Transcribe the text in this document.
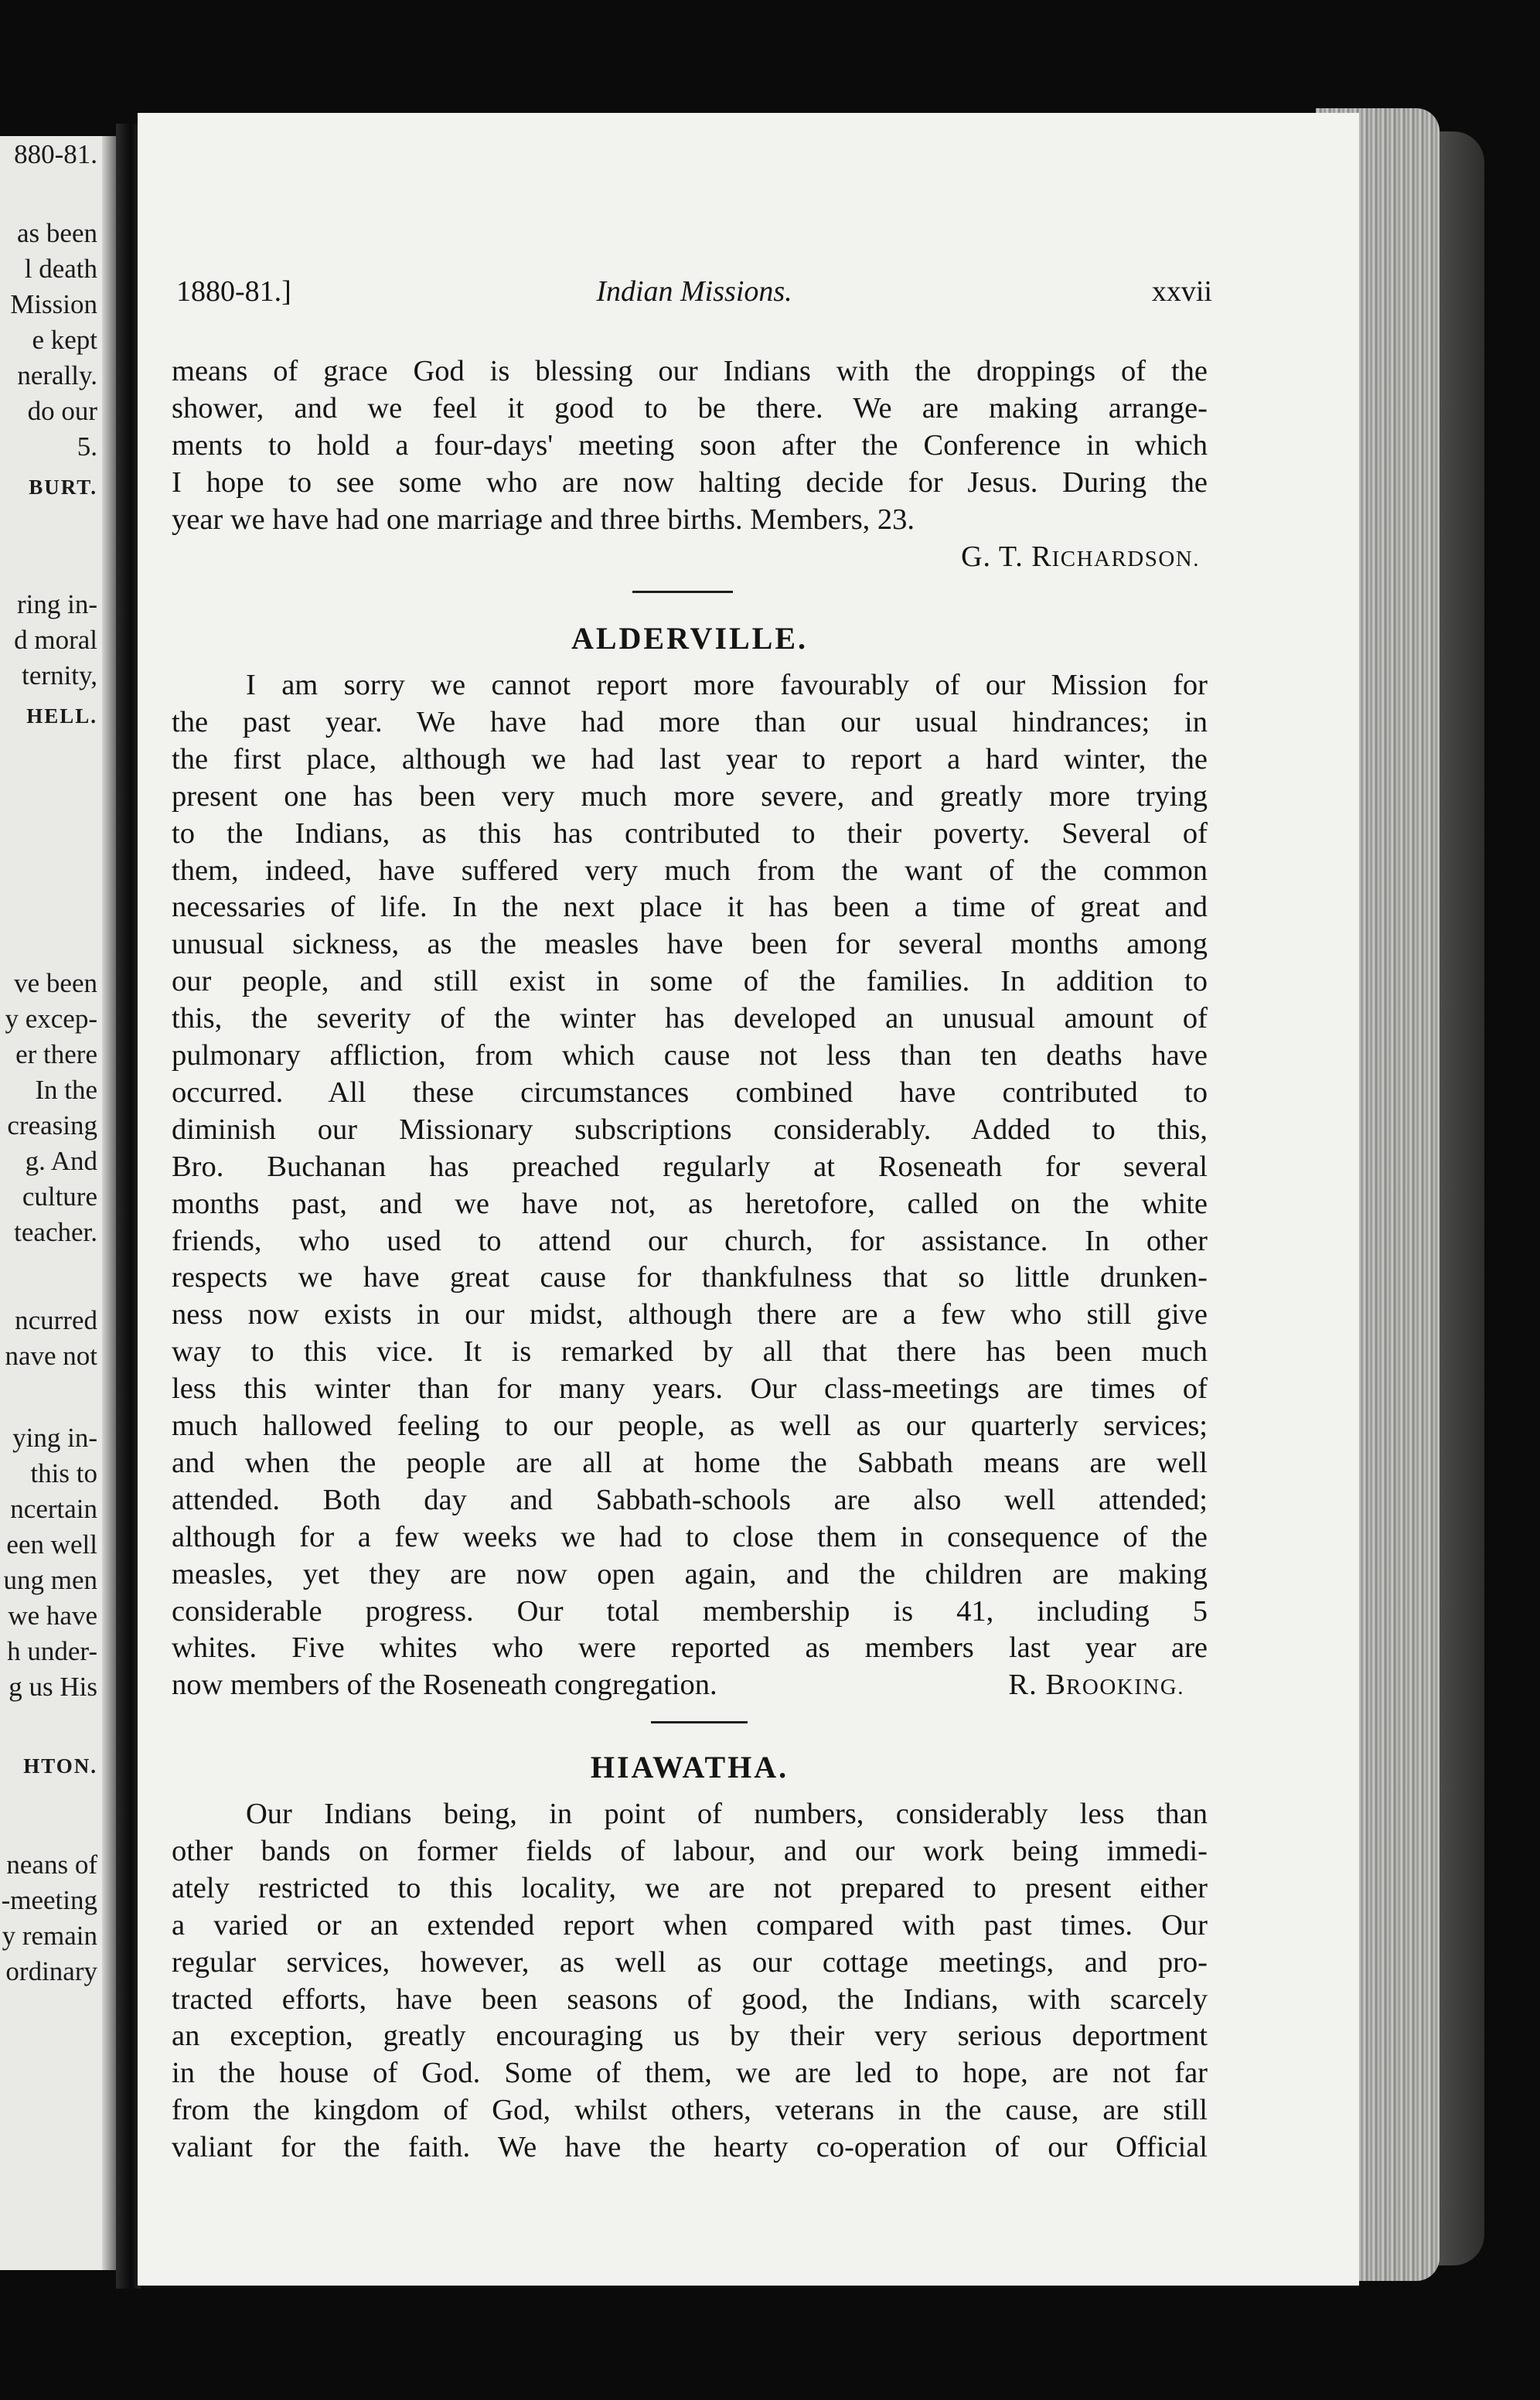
880-81.
as been
l death
Mission
e kept
nerally.
do our
5.
BURT.
ring in-
d moral
ternity,
HELL.
ve been
y excep-
er there
In the
creasing
g. And
culture
teacher.
ncurred
nave not
ying in-
this to
ncertain
een well
ung men
we have
h under-
g us His
HTON.
neans of
-meeting
y remain
ordinary
1880-81.]	Indian Missions.	xxvii
means of grace God is blessing our Indians with the droppings of the
shower, and we feel it good to be there. We are making arrange-
ments to hold a four-days' meeting soon after the Conference in which
I hope to see some who are now halting decide for Jesus. During the
year we have had one marriage and three births. Members, 23.
G. T. RICHARDSON.
ALDERVILLE.
I am sorry we cannot report more favourably of our Mission for
the past year. We have had more than our usual hindrances; in
the first place, although we had last year to report a hard winter, the
present one has been very much more severe, and greatly more trying
to the Indians, as this has contributed to their poverty. Several of
them, indeed, have suffered very much from the want of the common
necessaries of life. In the next place it has been a time of great and
unusual sickness, as the measles have been for several months among
our people, and still exist in some of the families. In addition to
this, the severity of the winter has developed an unusual amount of
pulmonary affliction, from which cause not less than ten deaths have
occurred. All these circumstances combined have contributed to
diminish our Missionary subscriptions considerably. Added to this,
Bro. Buchanan has preached regularly at Roseneath for several
months past, and we have not, as heretofore, called on the white
friends, who used to attend our church, for assistance. In other
respects we have great cause for thankfulness that so little drunken-
ness now exists in our midst, although there are a few who still give
way to this vice. It is remarked by all that there has been much
less this winter than for many years. Our class-meetings are times of
much hallowed feeling to our people, as well as our quarterly services;
and when the people are all at home the Sabbath means are well
attended. Both day and Sabbath-schools are also well attended;
although for a few weeks we had to close them in consequence of the
measles, yet they are now open again, and the children are making
considerable progress. Our total membership is 41, including 5
whites. Five whites who were reported as members last year are
now members of the Roseneath congregation.	R. BROOKING.
HIAWATHA.
Our Indians being, in point of numbers, considerably less than
other bands on former fields of labour, and our work being immedi-
ately restricted to this locality, we are not prepared to present either
a varied or an extended report when compared with past times. Our
regular services, however, as well as our cottage meetings, and pro-
tracted efforts, have been seasons of good, the Indians, with scarcely
an exception, greatly encouraging us by their very serious deportment
in the house of God. Some of them, we are led to hope, are not far
from the kingdom of God, whilst others, veterans in the cause, are still
valiant for the faith. We have the hearty co-operation of our Official
